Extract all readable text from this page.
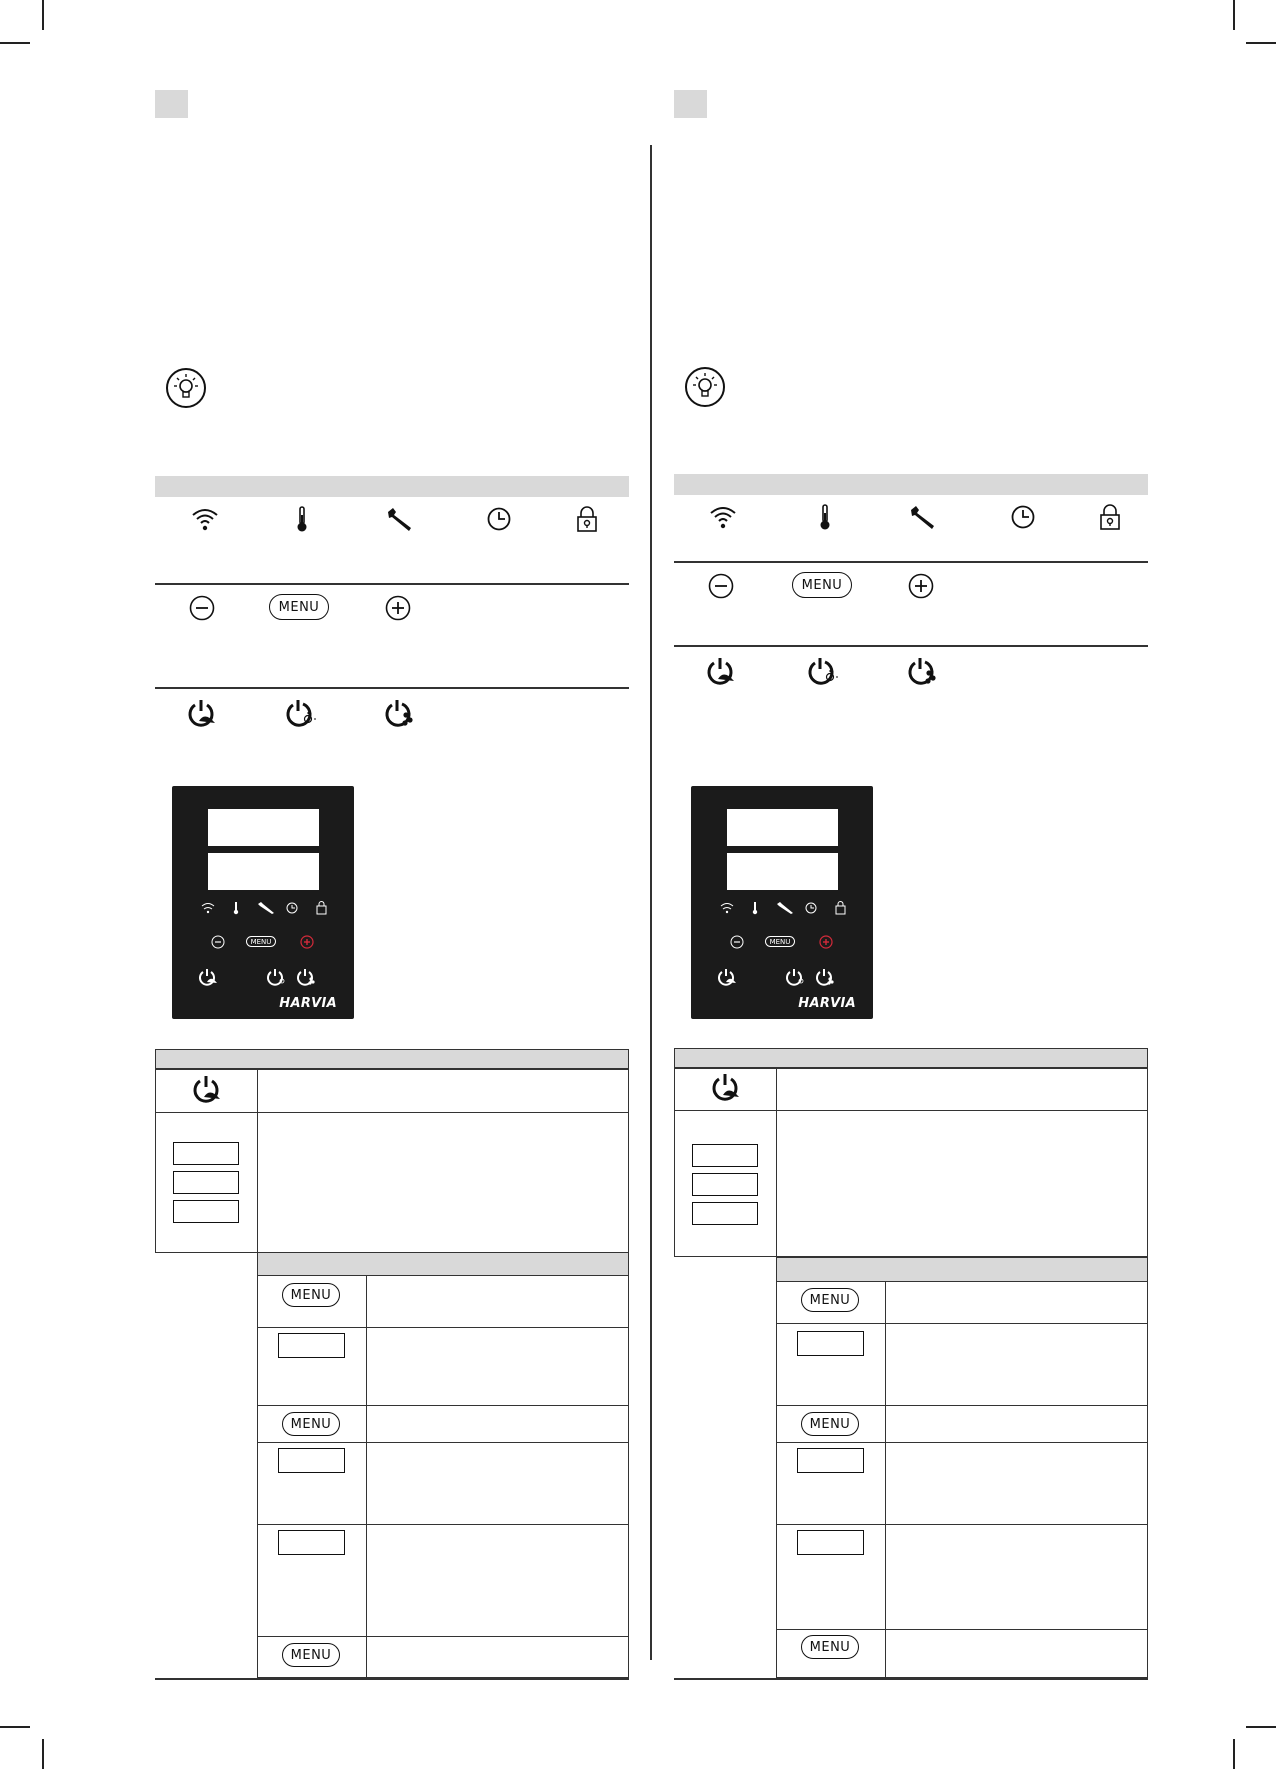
MENU
MENU
HARVIA
MENU
MENU
MENU
MENU
MENU
HARVIA
MENU
MENU
MENU
